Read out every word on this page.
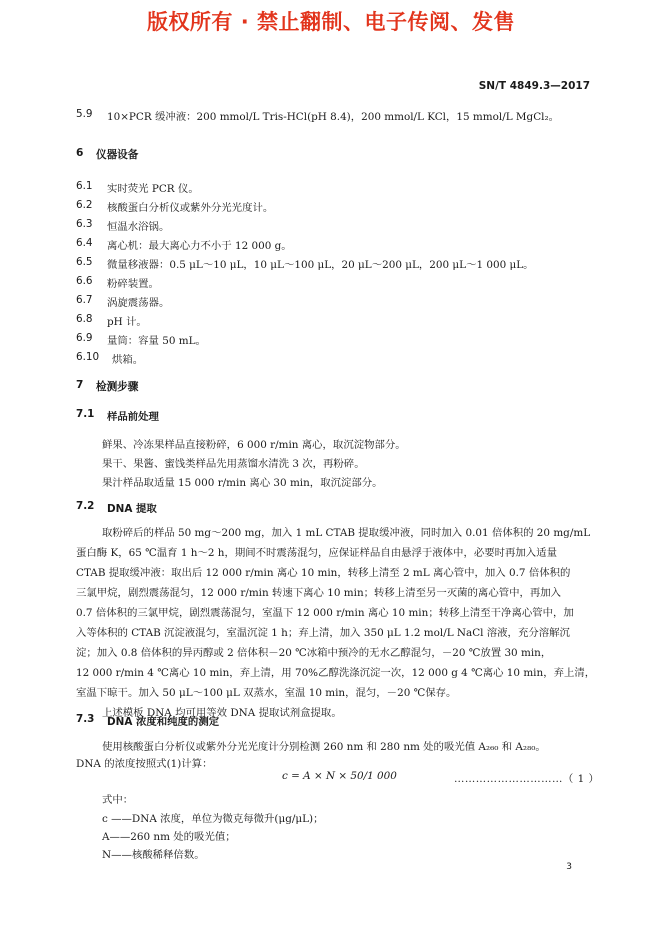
版权所有 · 禁止翻制、电子传阅、发售
SN/T 4849.3—2017
5.9 10×PCR 缓冲液：200 mmol/L Tris-HCl(pH 8.4)，200 mmol/L KCl，15 mmol/L MgCl₂。
6 仪器设备
6.1 实时荧光 PCR 仪。
6.2 核酸蛋白分析仪或紫外分光光度计。
6.3 恒温水浴锅。
6.4 离心机：最大离心力不小于 12 000 g。
6.5 微量移液器：0.5 μL～10 μL，10 μL～100 μL，20 μL～200 μL，200 μL～1 000 μL。
6.6 粉碎装置。
6.7 涡旋震荡器。
6.8 pH 计。
6.9 量筒：容量 50 mL。
6.10 烘箱。
7 检测步骤
7.1 样品前处理
鲜果、冷冻果样品直接粉碎，6 000 r/min 离心，取沉淀物部分。
果干、果酱、蜜饯类样品先用蒸馏水清洗 3 次，再粉碎。
果汁样品取适量 15 000 r/min 离心 30 min，取沉淀部分。
7.2 DNA 提取
取粉碎后的样品 50 mg～200 mg，加入 1 mL CTAB 提取缓冲液，同时加入 0.01 倍体积的 20 mg/mL
蛋白酶 K，65 ℃温育 1 h～2 h，期间不时震荡混匀，应保证样品自由悬浮于液体中，必要时再加入适量
CTAB 提取缓冲液：取出后 12 000 r/min 离心 10 min，转移上清至 2 mL 离心管中，加入 0.7 倍体积的
三氯甲烷，剧烈震荡混匀，12 000 r/min 转速下离心 10 min；转移上清至另一灭菌的离心管中，再加入
0.7 倍体积的三氯甲烷，剧烈震荡混匀，室温下 12 000 r/min 离心 10 min；转移上清至干净离心管中，加
入等体积的 CTAB 沉淀液混匀，室温沉淀 1 h；弃上清，加入 350 μL 1.2 mol/L NaCl 溶液，充分溶解沉
淀；加入 0.8 倍体积的异丙醇或 2 倍体积－20 ℃冰箱中预冷的无水乙醇混匀，－20 ℃放置 30 min，
12 000 r/min 4 ℃离心 10 min，弃上清，用 70%乙醇洗涤沉淀一次，12 000 g 4 ℃离心 10 min，弃上清，
室温下晾干。加入 50 μL～100 μL 双蒸水，室温 10 min，混匀，－20 ℃保存。
上述模板 DNA 均可用等效 DNA 提取试剂盒提取。
7.3 DNA 浓度和纯度的测定
使用核酸蛋白分析仪或紫外分光光度计分别检测 260 nm 和 280 nm 处的吸光值 A₂₆₀ 和 A₂₈₀。
DNA 的浓度按照式(1)计算：
c = A × N × 50/1 000	…………………………（ 1 ）
式中：
c ——DNA 浓度，单位为微克每微升(μg/μL)；
A——260 nm 处的吸光值；
N——核酸稀释倍数。
3
